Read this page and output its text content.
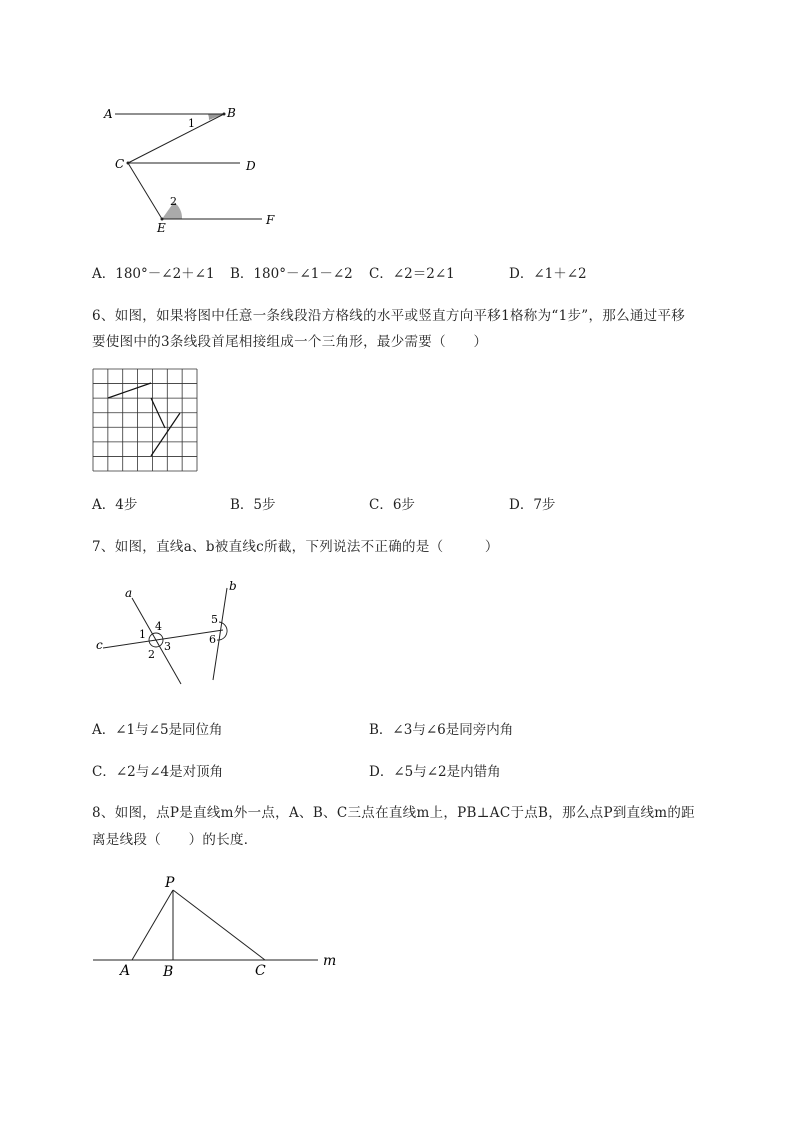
A	B
1
C	D
2
E
F
A．180°－∠2＋∠1 B．180°－∠1－∠2 C．∠2＝2∠1	D．∠1＋∠2
6、如图，如果将图中任意一条线段沿方格线的水平或竖直方向平移1格称为“1步”，那么通过平移
要使图中的3条线段首尾相接组成一个三角形，最少需要（　　）
A．4步	B．5步	C．6步	D．7步
7、如图，直线a、b被直线c所截，下列说法不正确的是（　　　）
a	b
c
1
4
2
3
5
6
A．∠1与∠5是同位角	B．∠3与∠6是同旁内角
C．∠2与∠4是对顶角	D．∠5与∠2是内错角
8、如图，点P是直线m外一点，A、B、C三点在直线m上，PB⊥AC于点B，那么点P到直线m的距
离是线段（　　）的长度．
P
A B	C
m
